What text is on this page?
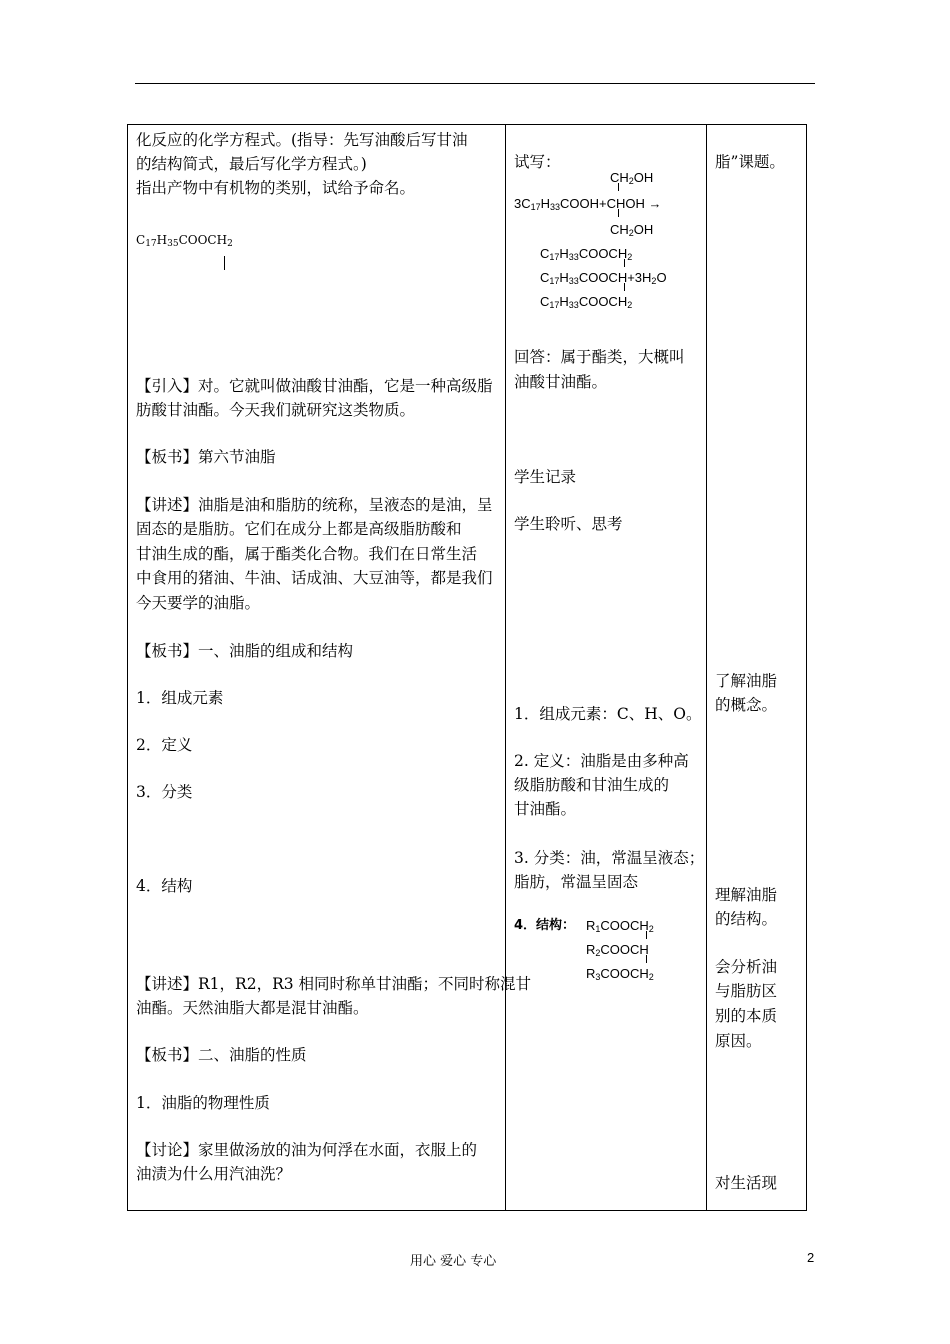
化反应的化学方程式。(指导：先写油酸后写甘油
的结构简式，最后写化学方程式。)
指出产物中有机物的类别，试给予命名。
C17H35COOCH2
【引入】对。它就叫做油酸甘油酯，它是一种高级脂
肪酸甘油酯。今天我们就研究这类物质。
【板书】第六节油脂
【讲述】油脂是油和脂肪的统称，呈液态的是油，呈
固态的是脂肪。它们在成分上都是高级脂肪酸和
甘油生成的酯，属于酯类化合物。我们在日常生活
中食用的猪油、牛油、话成油、大豆油等，都是我们
今天要学的油脂。
【板书】一、油脂的组成和结构
1．组成元素
2．定义
3．分类
4．结构
【讲述】R1，R2，R3 相同时称单甘油酯；不同时称混甘
油酯。天然油脂大都是混甘油酯。
【板书】二、油脂的性质
1．油脂的物理性质
【讨论】家里做汤放的油为何浮在水面，衣服上的
油渍为什么用汽油洗？
试写：
CH2OH
3C17H33COOH+CHOH →
CH2OH
C17H33COOCH2
C17H33COOCH+3H2O
C17H33COOCH2
回答：属于酯类，大概叫
油酸甘油酯。
学生记录
学生聆听、思考
1．组成元素：C、H、O。
2. 定义：油脂是由多种高
级脂肪酸和甘油生成的
甘油酯。
3. 分类：油，常温呈液态；
脂肪，常温呈固态
4．结构： R1COOCH2
R2COOCH
R3COOCH2
脂”课题。
了解油脂
的概念。
理解油脂
的结构。
会分析油
与脂肪区
别的本质
原因。
对生活现
用心 爱心 专心	2
